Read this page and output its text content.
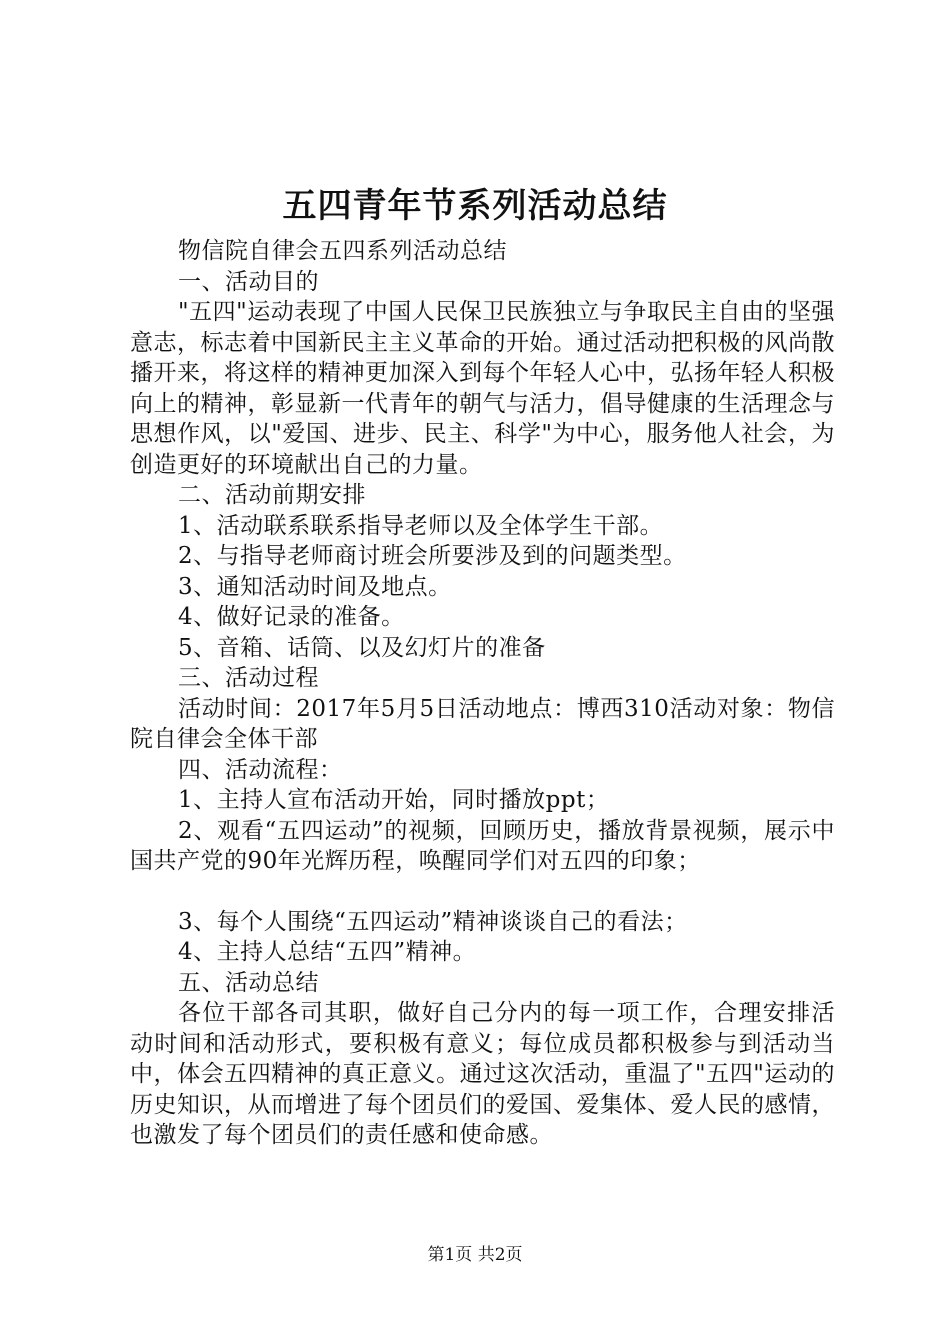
五四青年节系列活动总结

物信院自律会五四系列活动总结

一、活动目的

"五四"运动表现了中国人民保卫民族独立与争取民主自由的坚强意志，标志着中国新民主主义革命的开始。通过活动把积极的风尚散播开来，将这样的精神更加深入到每个年轻人心中，弘扬年轻人积极向上的精神，彰显新一代青年的朝气与活力，倡导健康的生活理念与思想作风，以"爱国、进步、民主、科学"为中心，服务他人社会，为创造更好的环境献出自己的力量。

二、活动前期安排

1、活动联系联系指导老师以及全体学生干部。

2、与指导老师商讨班会所要涉及到的问题类型。

3、通知活动时间及地点。

4、做好记录的准备。

5、音箱、话筒、以及幻灯片的准备

三、活动过程

活动时间：2017年5月5日活动地点：博西310活动对象：物信院自律会全体干部

四、活动流程：

1、主持人宣布活动开始，同时播放ppt；

2、观看“五四运动”的视频，回顾历史，播放背景视频，展示中国共产党的90年光辉历程，唤醒同学们对五四的印象；

3、每个人围绕“五四运动”精神谈谈自己的看法；

4、主持人总结“五四”精神。

五、活动总结

各位干部各司其职，做好自己分内的每一项工作，合理安排活动时间和活动形式，要积极有意义；每位成员都积极参与到活动当中，体会五四精神的真正意义。通过这次活动，重温了"五四"运动的历史知识，从而增进了每个团员们的爱国、爱集体、爱人民的感情，也激发了每个团员们的责任感和使命感。

第1页 共2页
